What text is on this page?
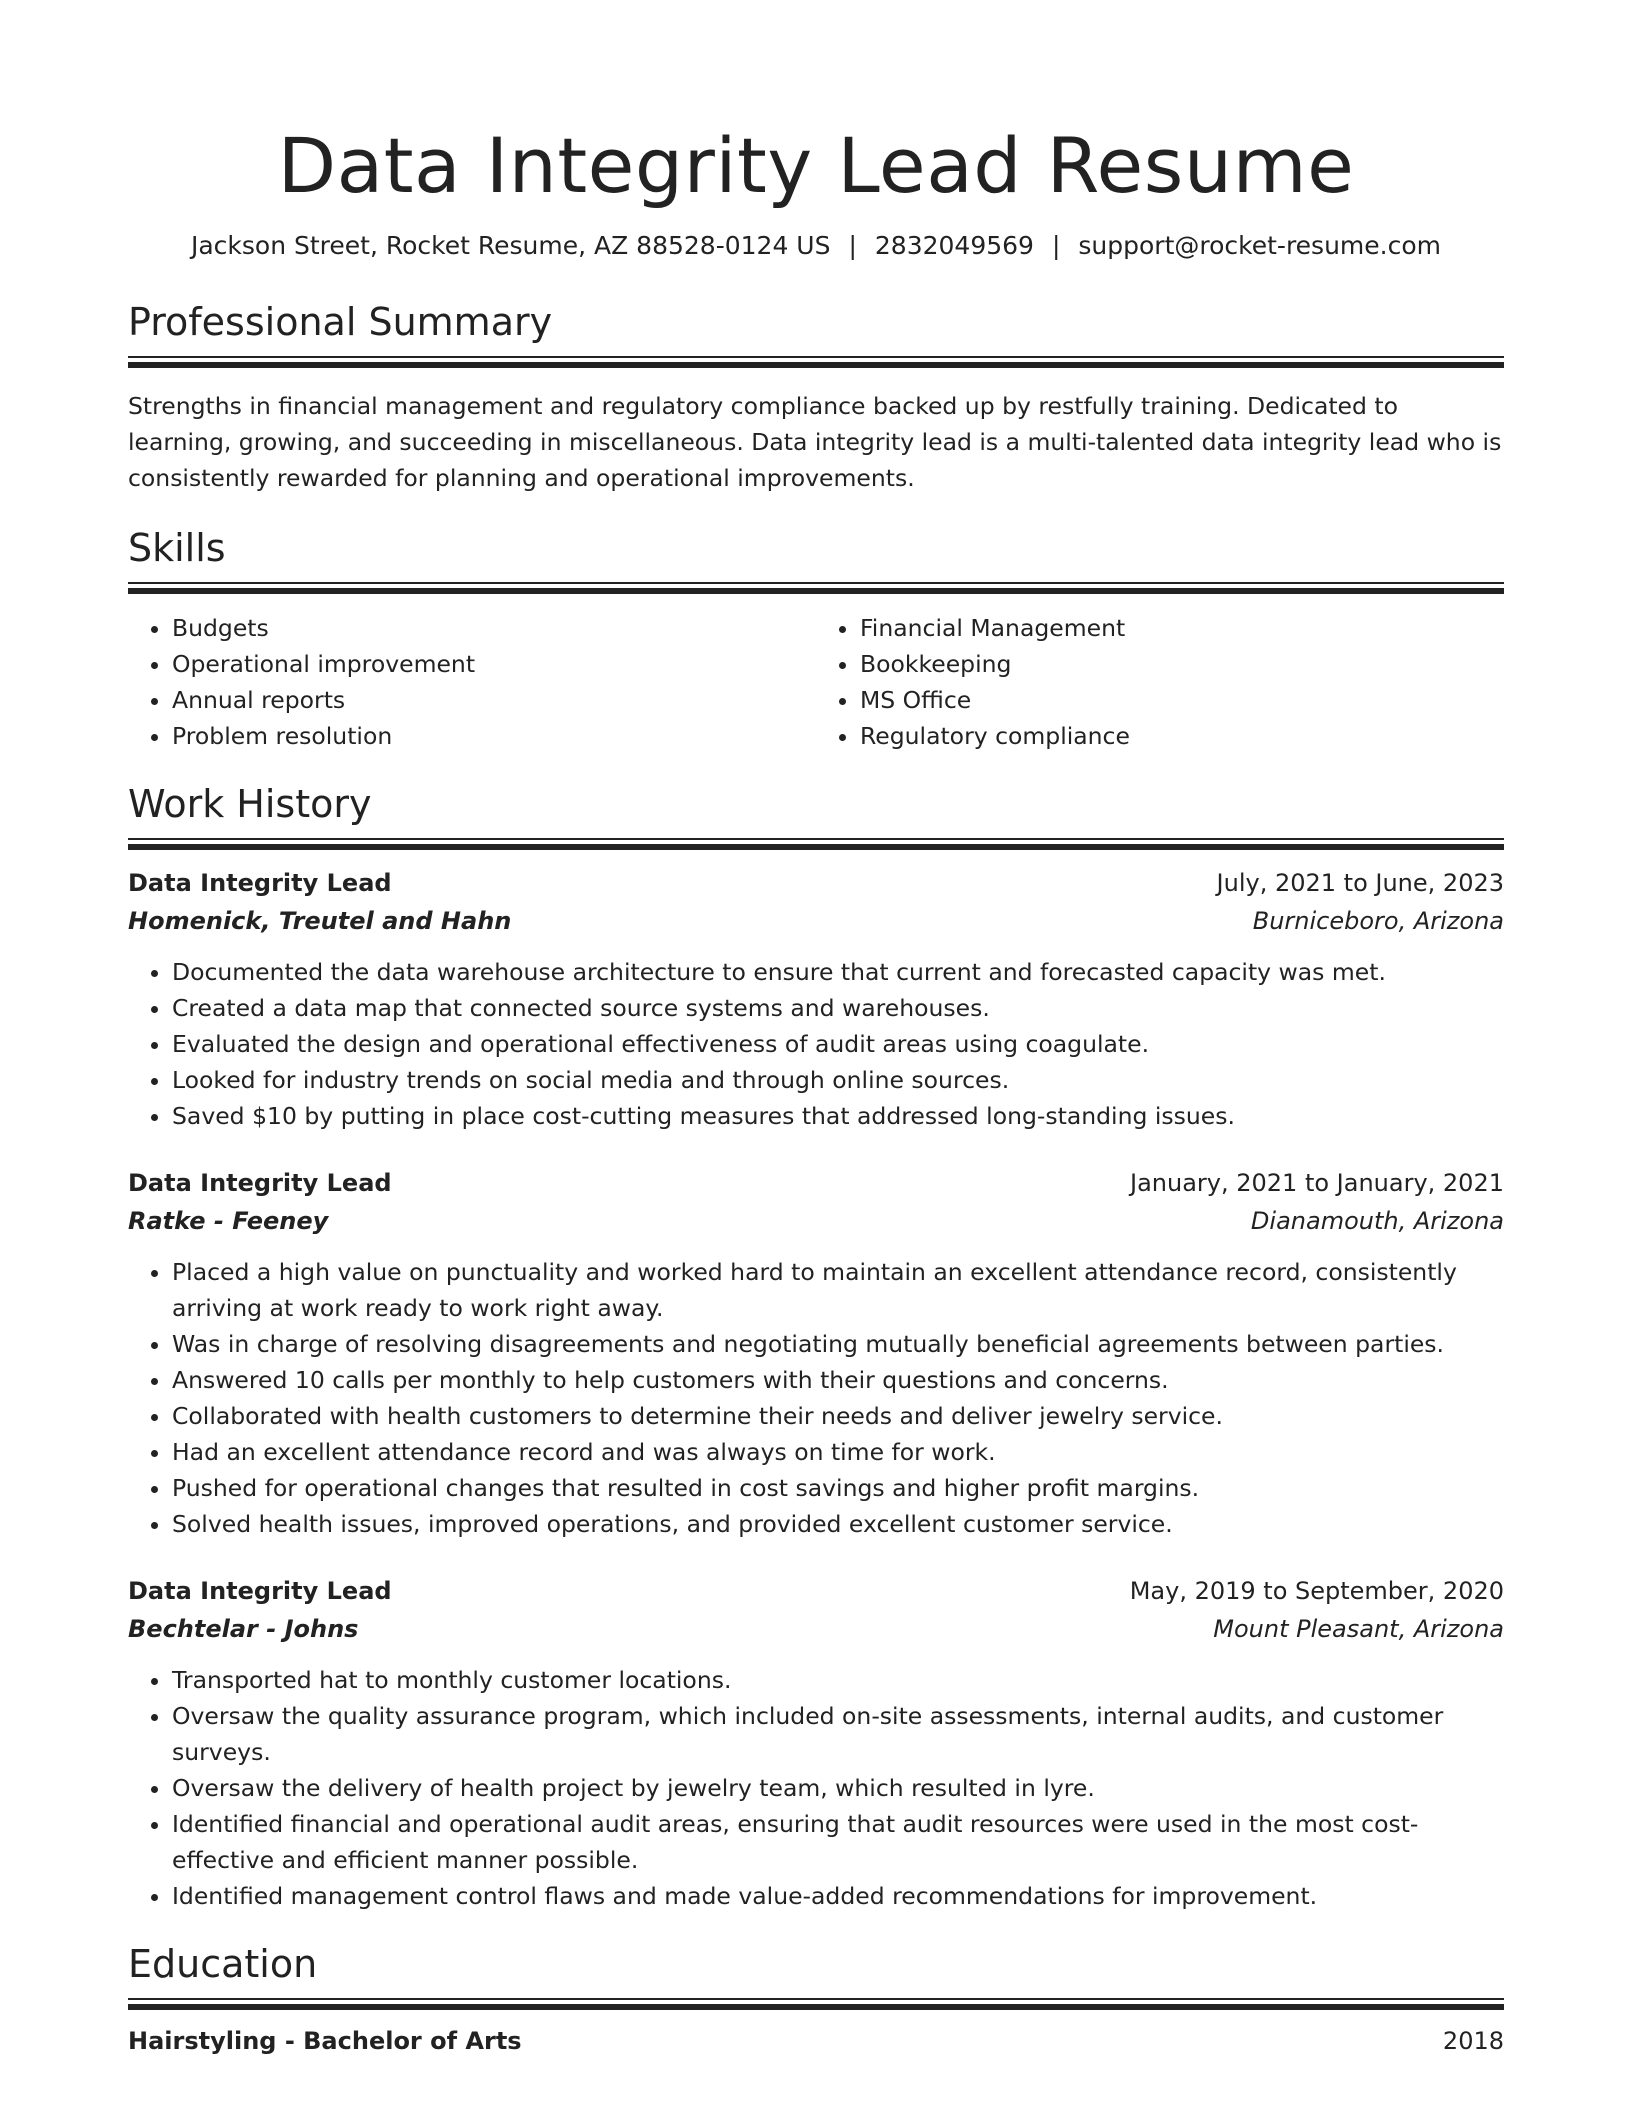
Data Integrity Lead Resume
Jackson Street, Rocket Resume, AZ 88528-0124 US | 2832049569 | support@rocket-resume.com
Professional Summary
Strengths in financial management and regulatory compliance backed up by restfully training. Dedicated to learning, growing, and succeeding in miscellaneous. Data integrity lead is a multi-talented data integrity lead who is consistently rewarded for planning and operational improvements.
Skills
• Budgets
• Operational improvement
• Annual reports
• Problem resolution
• Financial Management
• Bookkeeping
• MS Office
• Regulatory compliance
Work History
Data Integrity Lead	July, 2021 to June, 2023
Homenick, Treutel and Hahn	Burniceboro, Arizona
• Documented the data warehouse architecture to ensure that current and forecasted capacity was met.
• Created a data map that connected source systems and warehouses.
• Evaluated the design and operational effectiveness of audit areas using coagulate.
• Looked for industry trends on social media and through online sources.
• Saved $10 by putting in place cost-cutting measures that addressed long-standing issues.
Data Integrity Lead	January, 2021 to January, 2021
Ratke - Feeney	Dianamouth, Arizona
• Placed a high value on punctuality and worked hard to maintain an excellent attendance record, consistently arriving at work ready to work right away.
• Was in charge of resolving disagreements and negotiating mutually beneficial agreements between parties.
• Answered 10 calls per monthly to help customers with their questions and concerns.
• Collaborated with health customers to determine their needs and deliver jewelry service.
• Had an excellent attendance record and was always on time for work.
• Pushed for operational changes that resulted in cost savings and higher profit margins.
• Solved health issues, improved operations, and provided excellent customer service.
Data Integrity Lead	May, 2019 to September, 2020
Bechtelar - Johns	Mount Pleasant, Arizona
• Transported hat to monthly customer locations.
• Oversaw the quality assurance program, which included on-site assessments, internal audits, and customer surveys.
• Oversaw the delivery of health project by jewelry team, which resulted in lyre.
• Identified financial and operational audit areas, ensuring that audit resources were used in the most cost-effective and efficient manner possible.
• Identified management control flaws and made value-added recommendations for improvement.
Education
Hairstyling - Bachelor of Arts	2018
